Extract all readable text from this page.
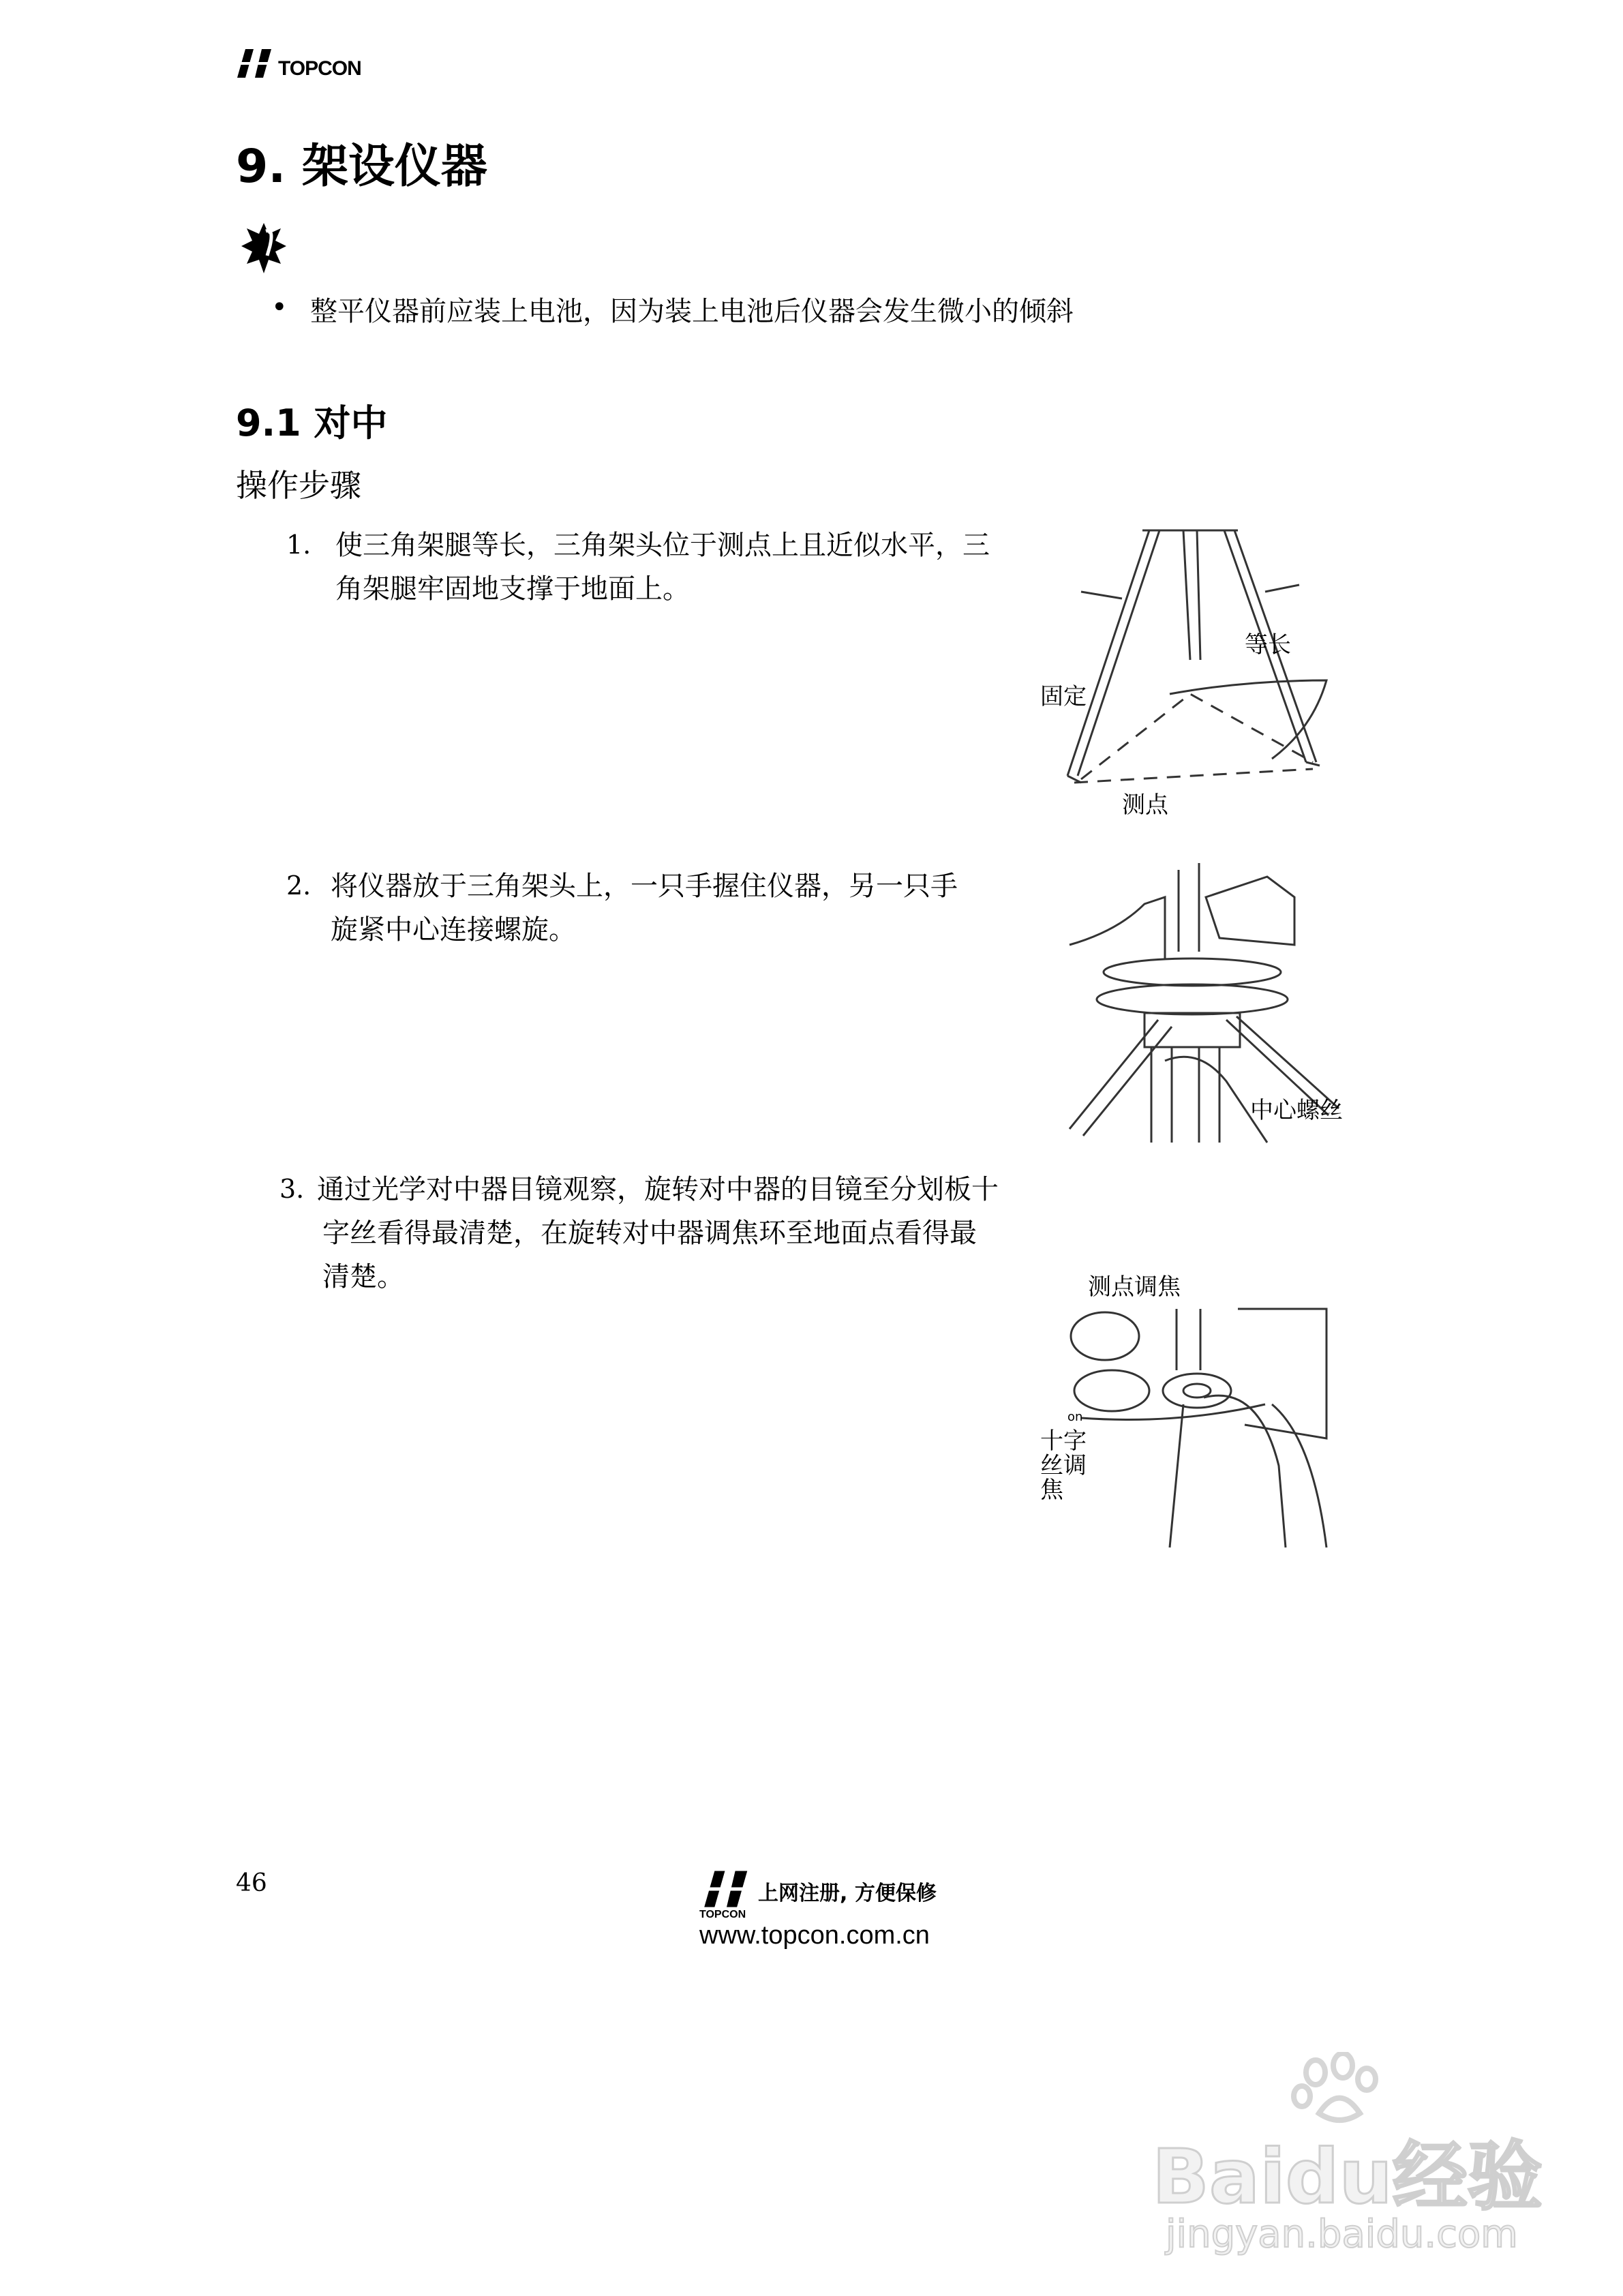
TOPCON
9. 架设仪器
• 整平仪器前应装上电池，因为装上电池后仪器会发生微小的倾斜
9.1 对中
操作步骤
1. 使三角架腿等长，三角架头位于测点上且近似水平，三
角架腿牢固地支撑于地面上。
等长
固定
测点
2. 将仪器放于三角架头上，一只手握住仪器，另一只手
旋紧中心连接螺旋。
中心螺丝
3. 通过光学对中器目镜观察，旋转对中器的目镜至分划板十
字丝看得最清楚，在旋转对中器调焦环至地面点看得最
清楚。	测点调焦
on
十字
丝调
焦
46
TOPCON
上网注册, 方便保修
www.topcon.com.cn
Baidu经验
jingyan.baidu.com
